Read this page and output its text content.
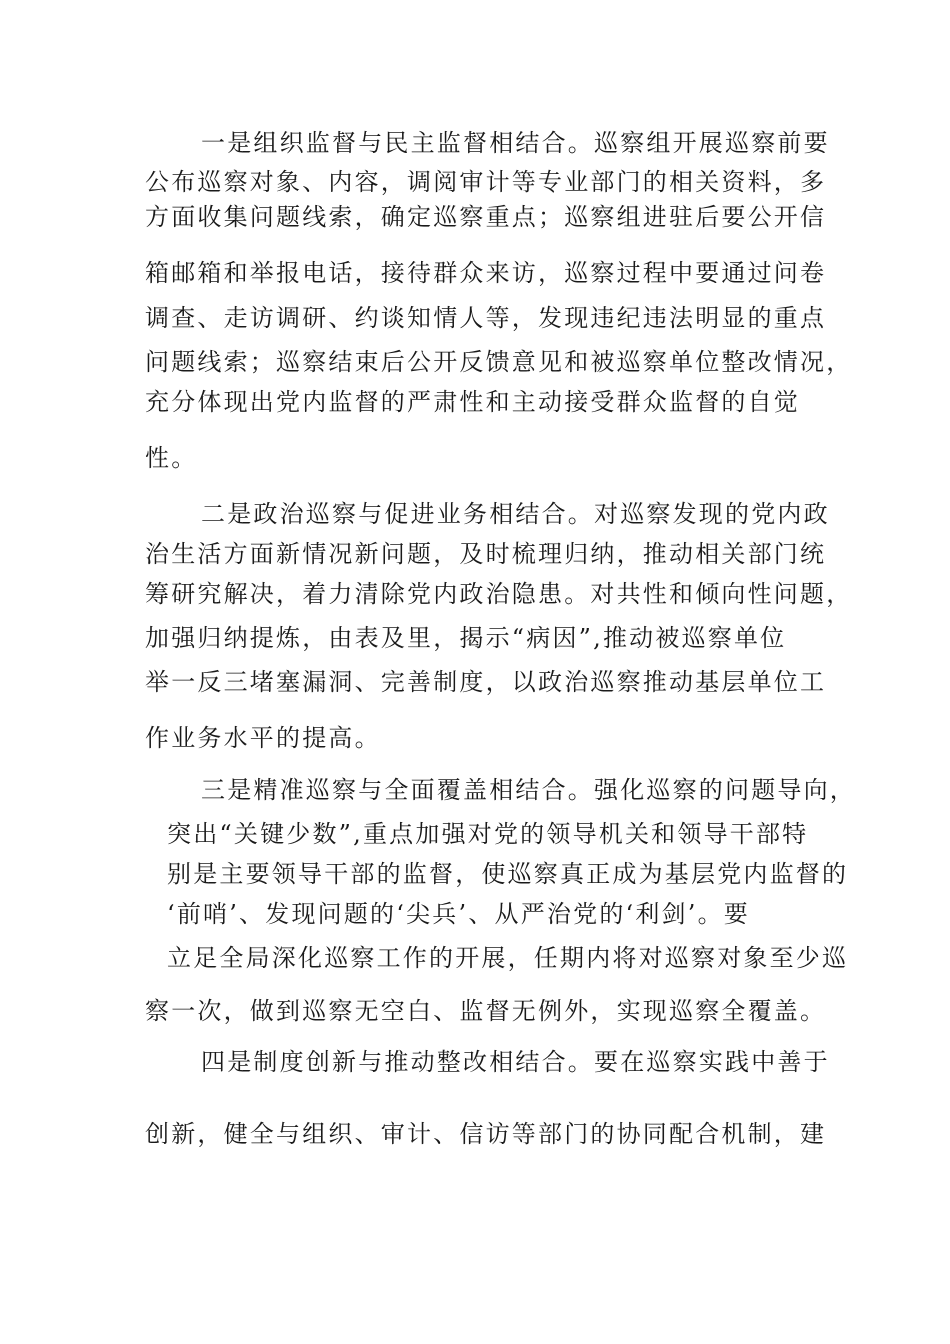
一是组织监督与民主监督相结合。巡察组开展巡察前要
公布巡察对象、内容，调阅审计等专业部门的相关资料，多
方面收集问题线索，确定巡察重点；巡察组进驻后要公开信
箱邮箱和举报电话，接待群众来访，巡察过程中要通过问卷
调查、走访调研、约谈知情人等，发现违纪违法明显的重点
问题线索；巡察结束后公开反馈意见和被巡察单位整改情况，
充分体现出党内监督的严肃性和主动接受群众监督的自觉
性。
二是政治巡察与促进业务相结合。对巡察发现的党内政
治生活方面新情况新问题，及时梳理归纳，推动相关部门统
筹研究解决，着力清除党内政治隐患。对共性和倾向性问题，
加强归纳提炼，由表及里，揭示“病因”,推动被巡察单位
举一反三堵塞漏洞、完善制度，以政治巡察推动基层单位工
作业务水平的提高。
三是精准巡察与全面覆盖相结合。强化巡察的问题导向，
突出“关键少数”,重点加强对党的领导机关和领导干部特
别是主要领导干部的监督，使巡察真正成为基层党内监督的
‘前哨’、发现问题的‘尖兵’、从严治党的‘利剑’。要
立足全局深化巡察工作的开展，任期内将对巡察对象至少巡
察一次，做到巡察无空白、监督无例外，实现巡察全覆盖。
四是制度创新与推动整改相结合。要在巡察实践中善于
创新，健全与组织、审计、信访等部门的协同配合机制，建
